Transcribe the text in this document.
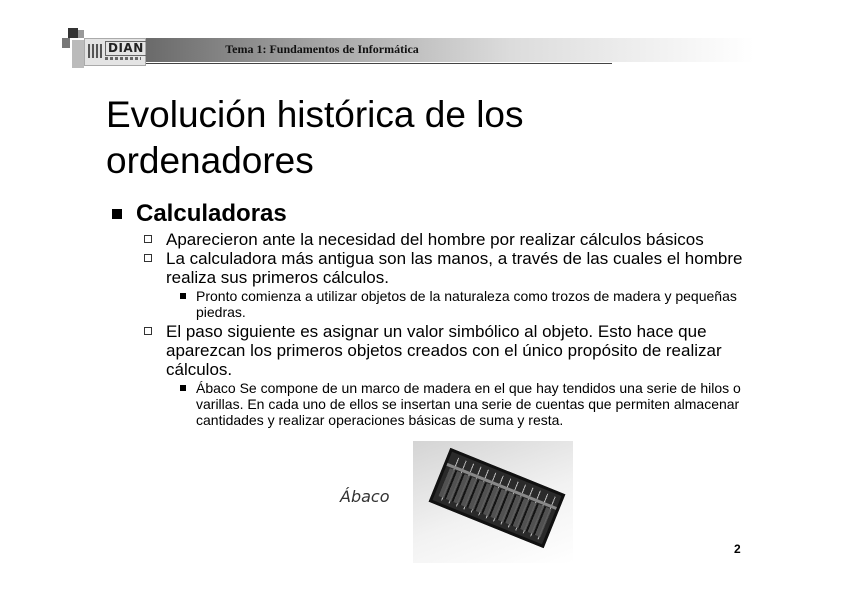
DIAN	Tema 1: Fundamentos de Informática
Evolución histórica de los
ordenadores

Calculadoras

Aparecieron ante la necesidad del hombre por realizar cálculos básicos

La calculadora más antigua son las manos, a través de las cuales el hombre realiza sus primeros cálculos.

Pronto comienza a utilizar objetos de la naturaleza como trozos de madera y pequeñas piedras.

El paso siguiente es asignar un valor simbólico al objeto. Esto hace que aparezcan los primeros objetos creados con el único propósito de realizar cálculos.

Ábaco Se compone de un marco de madera en el que hay tendidos una serie de hilos o varillas. En cada uno de ellos se insertan una serie de cuentas que permiten almacenar cantidades y realizar operaciones básicas de suma y resta.

Ábaco
2
